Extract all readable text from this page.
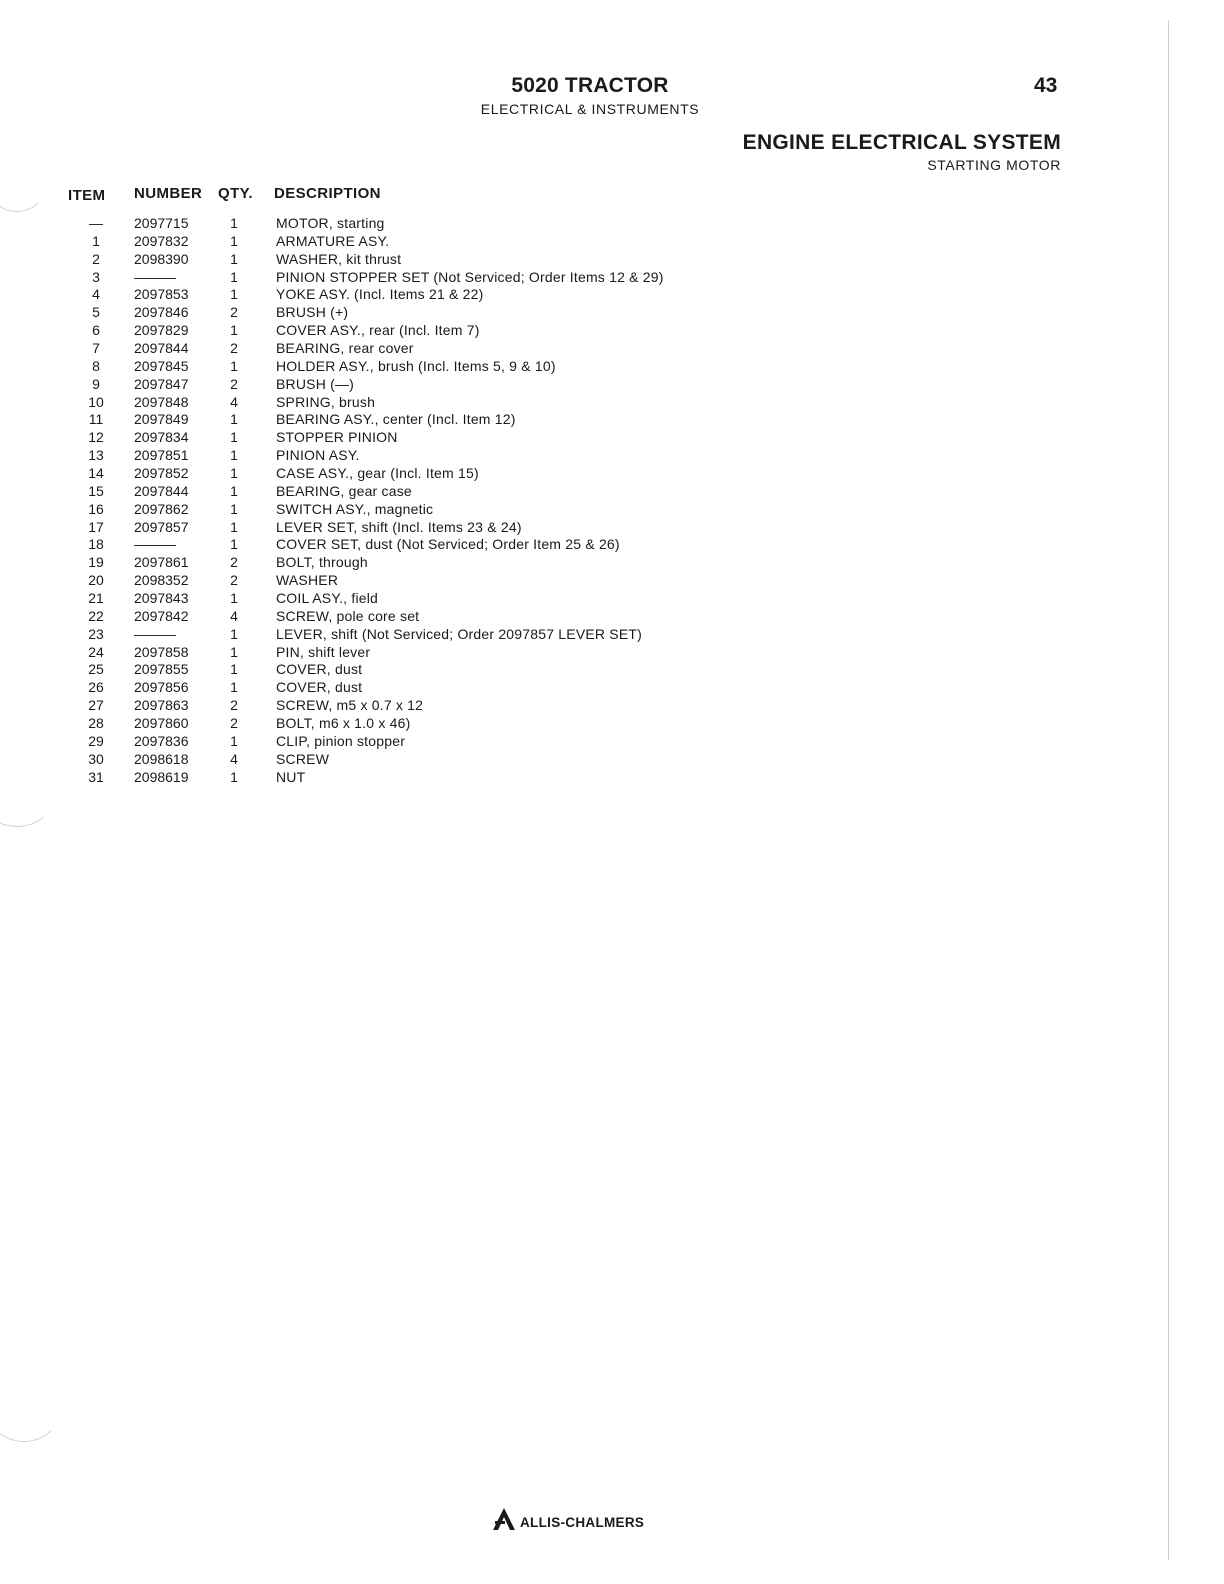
5020 TRACTOR
ELECTRICAL & INSTRUMENTS
43
ENGINE ELECTRICAL SYSTEM
STARTING MOTOR
ITEM NUMBER QTY. DESCRIPTION
—	2097715	1	MOTOR, starting
1	2097832	1	ARMATURE ASY.
2	2098390	1	WASHER, kit thrust
3	———	1	PINION STOPPER SET (Not Serviced; Order Items 12 & 29)
4	2097853	1	YOKE ASY. (Incl. Items 21 & 22)
5	2097846	2	BRUSH (+)
6	2097829	1	COVER ASY., rear (Incl. Item 7)
7	2097844	2	BEARING, rear cover
8	2097845	1	HOLDER ASY., brush (Incl. Items 5, 9 & 10)
9	2097847	2	BRUSH (—)
10	2097848	4	SPRING, brush
11	2097849	1	BEARING ASY., center (Incl. Item 12)
12	2097834	1	STOPPER PINION
13	2097851	1	PINION ASY.
14	2097852	1	CASE ASY., gear (Incl. Item 15)
15	2097844	1	BEARING, gear case
16	2097862	1	SWITCH ASY., magnetic
17	2097857	1	LEVER SET, shift (Incl. Items 23 & 24)
18	———	1	COVER SET, dust (Not Serviced; Order Item 25 & 26)
19	2097861	2	BOLT, through
20	2098352	2	WASHER
21	2097843	1	COIL ASY., field
22	2097842	4	SCREW, pole core set
23	———	1	LEVER, shift (Not Serviced; Order 2097857 LEVER SET)
24	2097858	1	PIN, shift lever
25	2097855	1	COVER, dust
26	2097856	1	COVER, dust
27	2097863	2	SCREW, m5 x 0.7 x 12
28	2097860	2	BOLT, m6 x 1.0 x 46)
29	2097836	1	CLIP, pinion stopper
30	2098618	4	SCREW
31	2098619	1	NUT
ALLIS-CHALMERS
